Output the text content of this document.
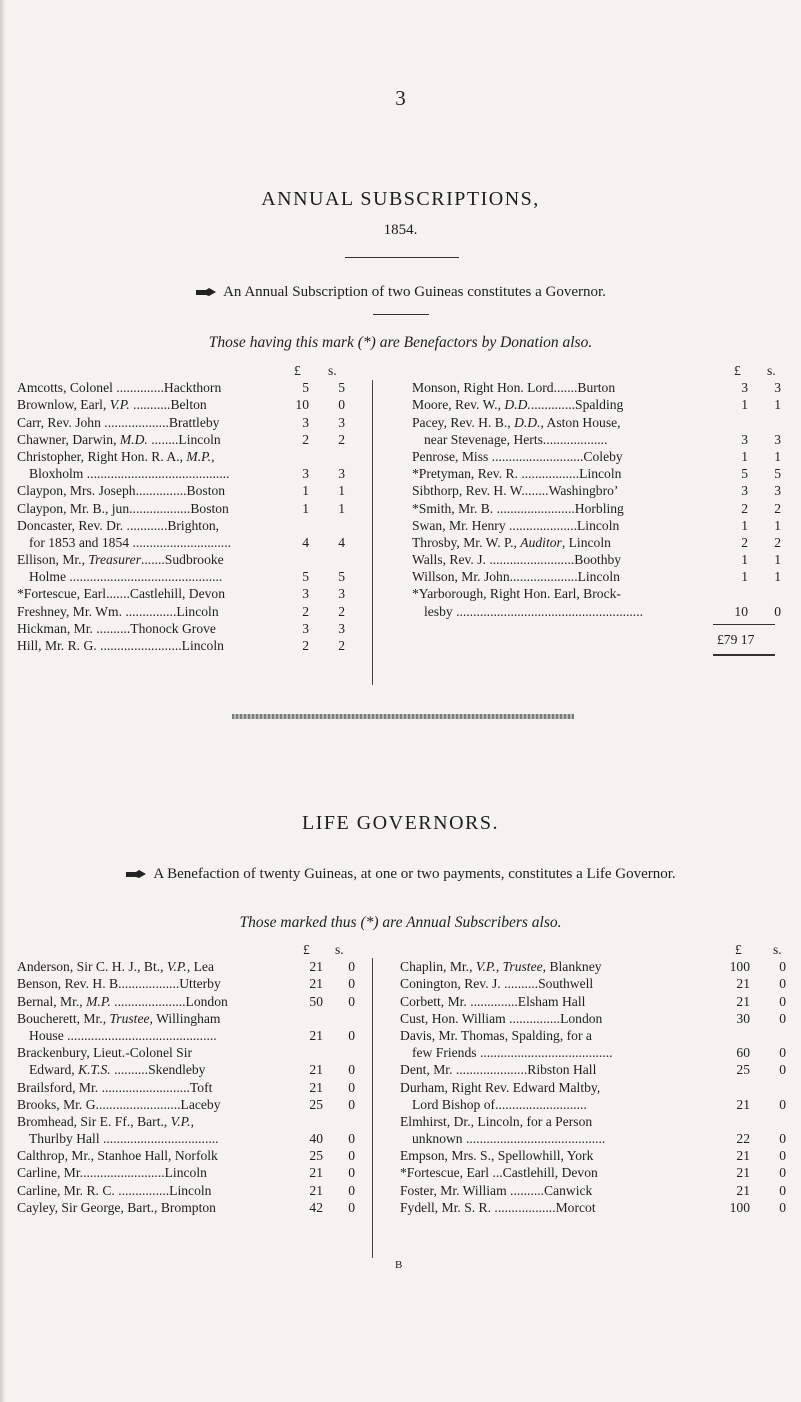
3
ANNUAL SUBSCRIPTIONS,
1854.
An Annual Subscription of two Guineas constitutes a Governor.
Those having this mark (*) are Benefactors by Donation also.
£ s.
Amcotts, Colonel ..............Hackthorn	5	5
Brownlow, Earl, V.P. ...........Belton	10	0
Carr, Rev. John ...................Brattleby	3	3
Chawner, Darwin, M.D. ........Lincoln	2	2
Christopher, Right Hon. R. A., M.P.,
Bloxholm ..........................................	3	3
Claypon, Mrs. Joseph...............Boston	1	1
Claypon, Mr. B., jun..................Boston	1	1
Doncaster, Rev. Dr. ............Brighton,
for 1853 and 1854 .............................	4	4
Ellison, Mr., Treasurer.......Sudbrooke
Holme .............................................	5	5
*Fortescue, Earl.......Castlehill, Devon	3	3
Freshney, Mr. Wm. ...............Lincoln	2	2
Hickman, Mr. ..........Thonock Grove	3	3
Hill, Mr. R. G. ........................Lincoln	2	2
£ s.
Monson, Right Hon. Lord.......Burton	3	3
Moore, Rev. W., D.D..............Spalding	1	1
Pacey, Rev. H. B., D.D., Aston House,
near Stevenage, Herts...................	3	3
Penrose, Miss ...........................Coleby	1	1
*Pretyman, Rev. R. .................Lincoln	5	5
Sibthorp, Rev. H. W........Washingbro’	3	3
*Smith, Mr. B. .......................Horbling	2	2
Swan, Mr. Henry ....................Lincoln	1	1
Throsby, Mr. W. P., Auditor, Lincoln	2	2
Walls, Rev. J. .........................Boothby	1	1
Willson, Mr. John....................Lincoln	1	1
*Yarborough, Right Hon. Earl, Brock-
lesby .......................................................	10	0
£79 17
LIFE GOVERNORS.
A Benefaction of twenty Guineas, at one or two payments, constitutes a Life Governor.
Those marked thus (*) are Annual Subscribers also.
£ s.
Anderson, Sir C. H. J., Bt., V.P., Lea	21	0
Benson, Rev. H. B..................Utterby	21	0
Bernal, Mr., M.P. .....................London	50	0
Boucherett, Mr., Trustee, Willingham
House ............................................	21	0
Brackenbury, Lieut.-Colonel Sir
Edward, K.T.S. ..........Skendleby	21	0
Brailsford, Mr. ..........................Toft	21	0
Brooks, Mr. G.........................Laceby	25	0
Bromhead, Sir E. Ff., Bart., V.P.,
Thurlby Hall ..................................	40	0
Calthrop, Mr., Stanhoe Hall, Norfolk	25	0
Carline, Mr.........................Lincoln	21	0
Carline, Mr. R. C. ...............Lincoln	21	0
Cayley, Sir George, Bart., Brompton	42	0
£ s.
Chaplin, Mr., V.P., Trustee, Blankney	100	0
Conington, Rev. J. ..........Southwell	21	0
Corbett, Mr. ..............Elsham Hall	21	0
Cust, Hon. William ...............London	30	0
Davis, Mr. Thomas, Spalding, for a
few Friends .......................................	60	0
Dent, Mr. .....................Ribston Hall	25	0
Durham, Right Rev. Edward Maltby,
Lord Bishop of...........................	21	0
Elmhirst, Dr., Lincoln, for a Person
unknown .........................................	22	0
Empson, Mrs. S., Spellowhill, York	21	0
*Fortescue, Earl ...Castlehill, Devon	21	0
Foster, Mr. William ..........Canwick	21	0
Fydell, Mr. S. R. ..................Morcot	100	0
B
